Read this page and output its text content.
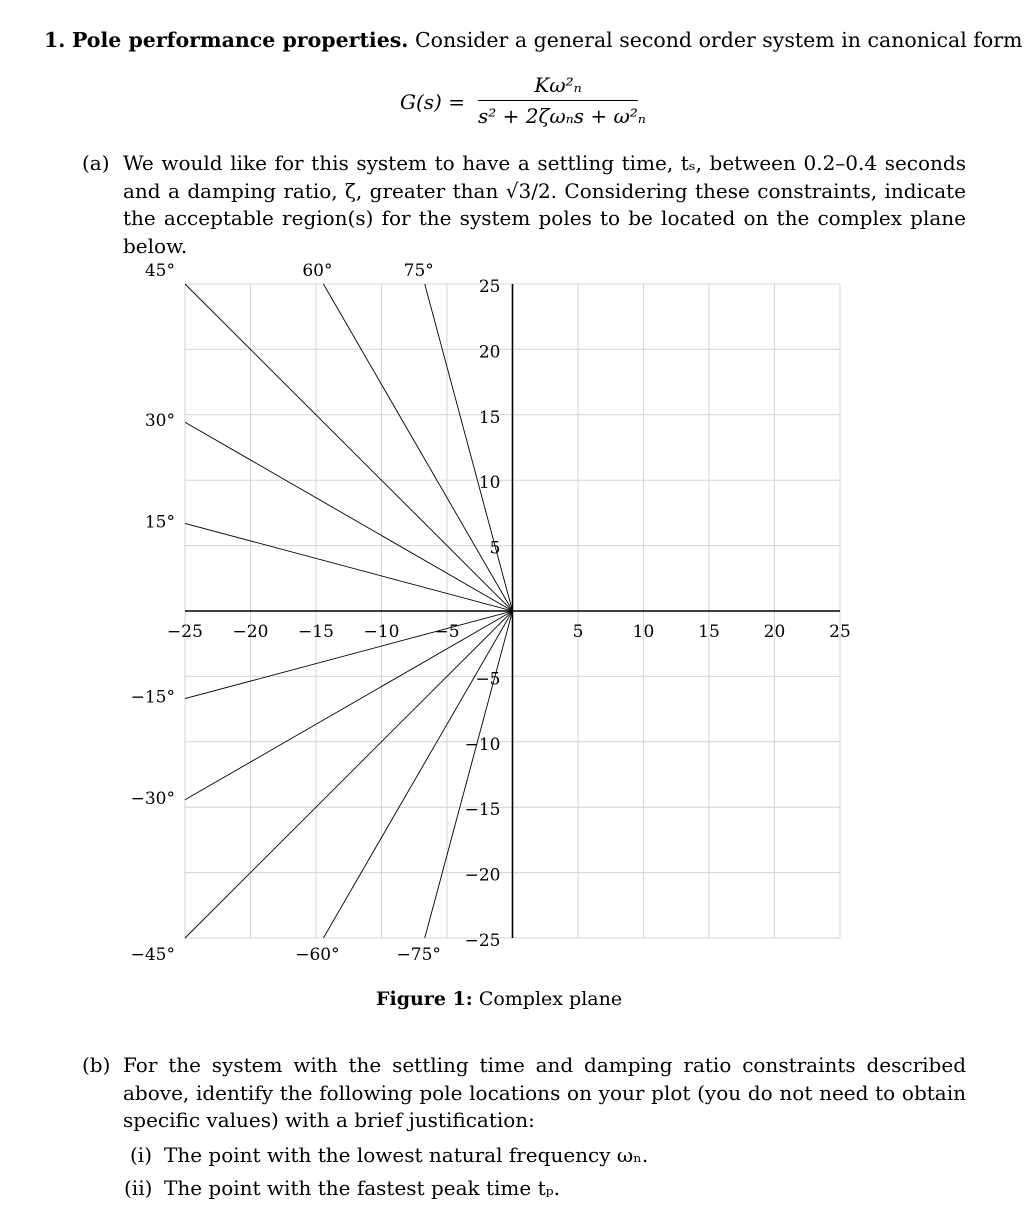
1. Pole performance properties. Consider a general second order system in canonical form
G(s) =
Kω²ₙ
s² + 2ζωₙs + ω²ₙ
(a) We would like for this system to have a settling time, tₛ, between 0.2–0.4 seconds and a damping ratio, ζ, greater than √3/2. Considering these constraints, indicate the acceptable region(s) for the system poles to be located on the complex plane below.
−25 −20 −15 −10 −5	5	10	15	20	25
25
20
15
10
5
−5
−10
−15
−20
−25
15°
30°
45°	60°	75°
−15°
−30°
−45°	−60°	−75°
Figure 1: Complex plane
(b) For the system with the settling time and damping ratio constraints described above, identify the following pole locations on your plot (you do not need to obtain specific values) with a brief justification:
(i) The point with the lowest natural frequency ωₙ.
(ii) The point with the fastest peak time tₚ.
